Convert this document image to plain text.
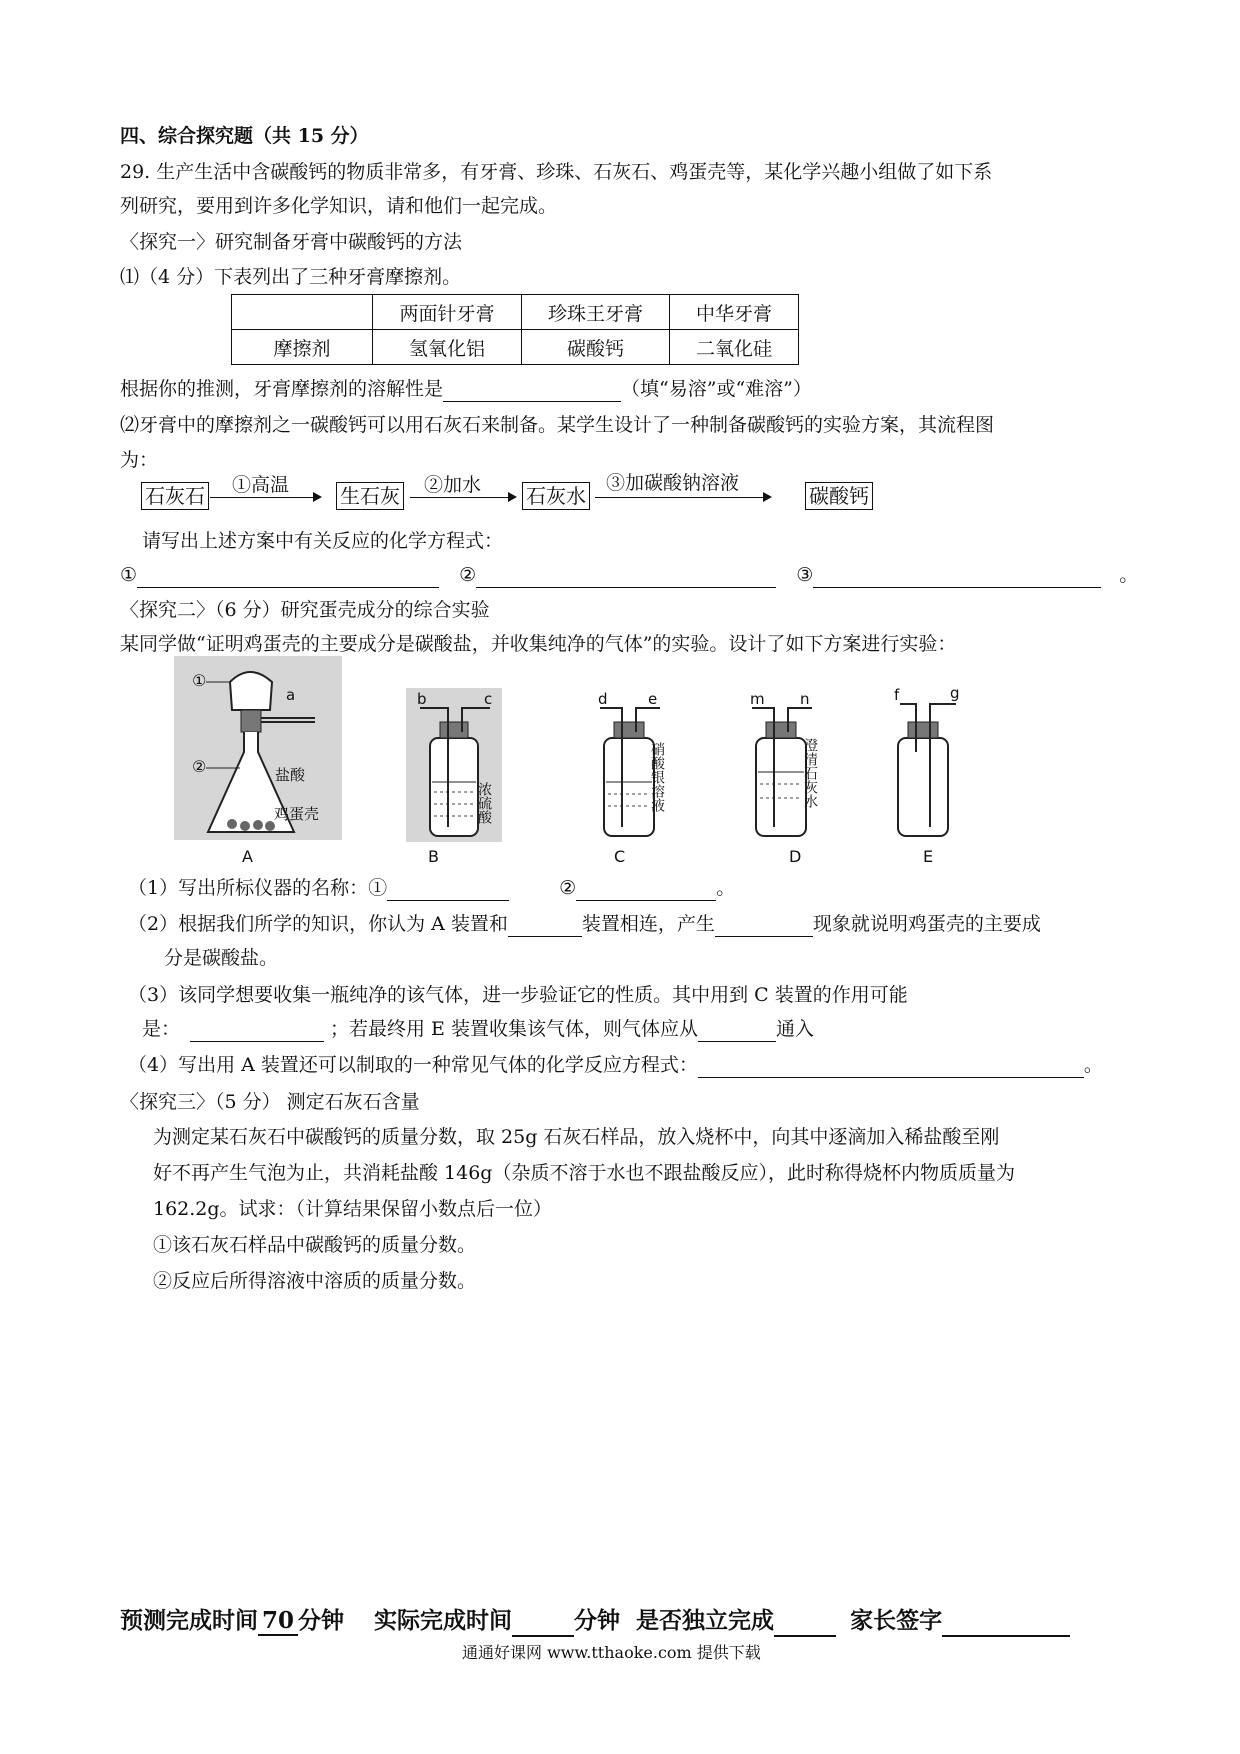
四、综合探究题（共 15 分）
29. 生产生活中含碳酸钙的物质非常多，有牙膏、珍珠、石灰石、鸡蛋壳等，某化学兴趣小组做了如下系
列研究，要用到许多化学知识，请和他们一起完成。
〈探究一〉研究制备牙膏中碳酸钙的方法
⑴（4 分）下表列出了三种牙膏摩擦剂。
	两面针牙膏	珍珠王牙膏	中华牙膏
摩擦剂	氢氧化铝	碳酸钙	二氧化硅
根据你的推测，牙膏摩擦剂的溶解性是	（填“易溶”或“难溶”）
⑵牙膏中的摩擦剂之一碳酸钙可以用石灰石来制备。某学生设计了一种制备碳酸钙的实验方案，其流程图
为：
石灰石 ①高温	生石灰 ②加水 石灰水
③加碳酸钠溶液
碳酸钙
请写出上述方案中有关反应的化学方程式：
①	②	③	。
〈探究二〉（6 分）研究蛋壳成分的综合实验
某同学做“证明鸡蛋壳的主要成分是碳酸盐，并收集纯净的气体”的实验。设计了如下方案进行实验：
①
②
a
盐酸
鸡蛋壳
b	c
浓硫酸
d	e
硝酸银溶液
m n
澄清石灰水
f	g
A	B	C	D	E
（1）写出所标仪器的名称：①	②	。
（2）根据我们所学的知识，你认为 A 装置和	装置相连，产生	现象就说明鸡蛋壳的主要成
分是碳酸盐。
（3）该同学想要收集一瓶纯净的该气体，进一步验证它的性质。其中用到 C 装置的作用可能
是：	；若最终用 E 装置收集该气体，则气体应从	通入
（4）写出用 A 装置还可以制取的一种常见气体的化学反应方程式：	。
〈探究三〉（5 分） 测定石灰石含量
为测定某石灰石中碳酸钙的质量分数，取 25g 石灰石样品，放入烧杯中，向其中逐滴加入稀盐酸至刚
好不再产生气泡为止，共消耗盐酸 146g（杂质不溶于水也不跟盐酸反应），此时称得烧杯内物质质量为
162.2g。试求：（计算结果保留小数点后一位）
①该石灰石样品中碳酸钙的质量分数。
②反应后所得溶液中溶质的质量分数。
预测完成时间 70 分钟 实际完成时间	分钟 是否独立完成	家长签字
通通好课网 www.tthaoke.com 提供下载
